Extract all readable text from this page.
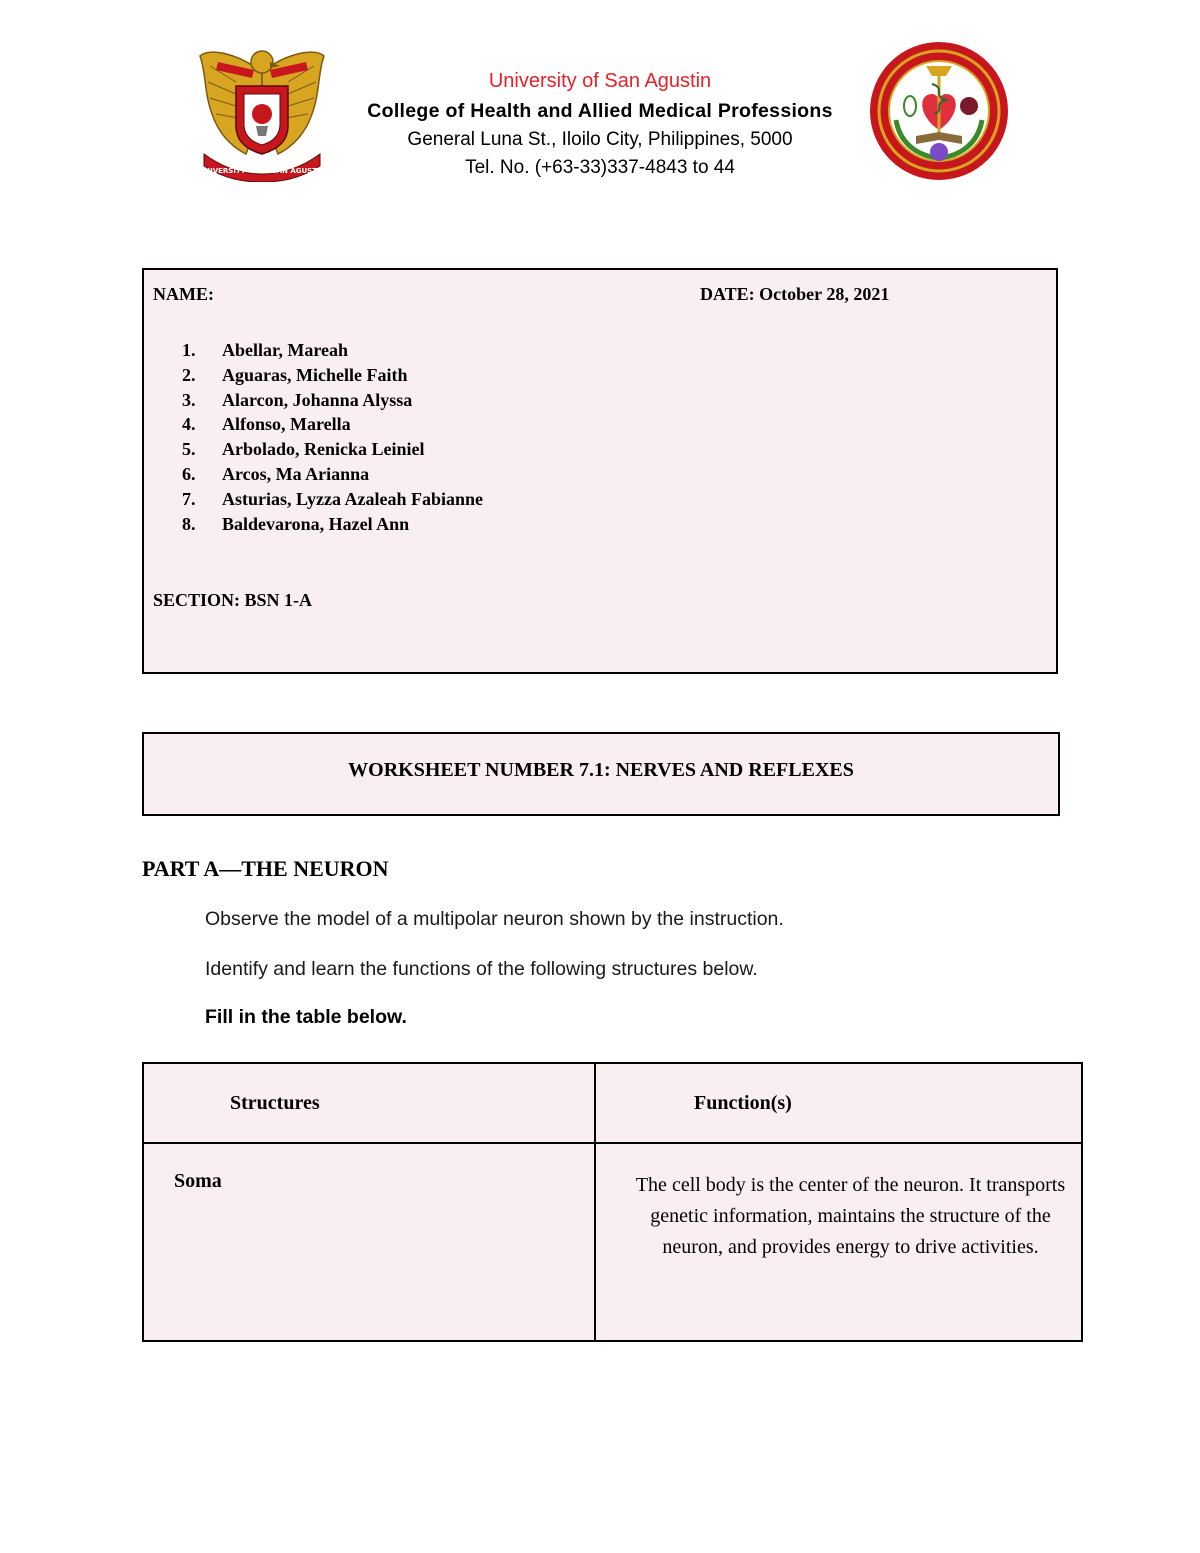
UNIVERSITY · OF · SAN AGUSTIN
University of San Agustin
College of Health and Allied Medical Professions
General Luna St., Iloilo City, Philippines, 5000
Tel. No. (+63-33)337-4843 to 44
NAME:	DATE: October 28, 2021
1.	Abellar, Mareah
2.	Aguaras, Michelle Faith
3.	Alarcon, Johanna Alyssa
4.	Alfonso, Marella
5.	Arbolado, Renicka Leiniel
6.	Arcos, Ma Arianna
7.	Asturias, Lyzza Azaleah Fabianne
8.	Baldevarona, Hazel Ann
SECTION: BSN 1-A
WORKSHEET NUMBER 7.1: NERVES AND REFLEXES
PART A—THE NEURON
Observe the model of a multipolar neuron shown by the instruction.
Identify and learn the functions of the following structures below.
Fill in the table below.
Structures	Function(s)
Soma	The cell body is the center of the neuron. It transports genetic information, maintains the structure of the neuron, and provides energy to drive activities.
